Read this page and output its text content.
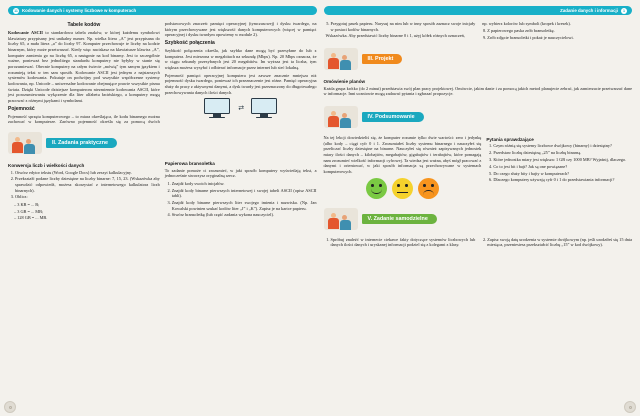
11 Kodowanie danych i systemy liczbowe w komputerach
Tabele kodów

Kodowanie ASCII to standardowa tabela znaków, w której każdemu symbolowi klawiatury przypisany jest unikalny numer. Np. wielka litera „A” jest przypisana do liczby 65, a mała litera „a” do liczby 97. Komputer przechowuje te liczby na kodzie binarnym, który może przetwarzać. Kiedy więc naciskasz na klawiaturze klawisz „A”, komputer zamienia go na liczbę 65, a następnie na kod binarny. Jest to szczególnie ważne, ponieważ bez jednolitego standardu komputery nie byłyby w stanie się porozumiewać. Obecnie komputery na całym świecie „mówią” tym samym językiem i rozumieją tekst w ten sam sposób. Kodowanie ASCII jest jednym z najstarszych systemów kodowania. Pokutuje on podwójny pod wszystkie współczesne systemy kodowania, np. Unicode – uniwersalne kodowanie obejmujące prawie wszystkie pisma świata. Dzięki Unicode dzisiejsze komputerom niezmiennie kodowania ASCII, które jest porozumiewaniu wyłączenie dla liter alfabetu łacińskiego, a komputery mogą pracować z różnymi językami i symbolami.

Pojemność

Pojemność sprzętu komputerowego – to miara określająca, ile kodu binarnego można zachować w komputerze. Zarówno pojemność określa się za pomocą dwóch podstawowych znaczeń: pamięci operacyjnej (tymczasowej) i dysku twardego, na którym przechowywane jest większość danych komputerowych (więcej w pamięci operacyjnej i dysku twardym opowiemy w module 2).

Szybkość połączenia

Szybkość połączenia określa, jak szybko dane mogą być przesyłane do lub z komputera. Jest mierzona w megabitach na sekundę (Mbps). Np. 20 Mbps oznacza, że w ciągu sekundy przesyłanych jest 20 megabitów. Im wyższa jest ta liczba, tym większa możesz wysyłać i odbierać informacje przez internet lub sieć lokalną.

Pojemność pamięci operacyjnej komputera jest zawsze znacznie mniejsza niż pojemność dysku twardego, ponieważ ich przeznaczenie jest różne. Pamięć operacyjna służy do pracy z aktywnymi danymi, a dysk twardy jest przeznaczony do długotrwałego przechowywania danych ilości danych.

⇄
II. Zadania praktyczne
Konwersja liczb i wielkości danych
1. Otwórz edytor tekstu (Word, Google Docs) lub zeszyt kalkulacyjny.
2. Przekształć podane liczby dziesiętne na liczby binarne: 7, 15, 23. (Wskazówka aby sprawdzić odpowiedź, możesz skorzystać z internetowego kalkulatora liczb binarnych).
3. Oblicz:
– 3 KB = ... B;
– 3 GB = ... MB;
– 128 GB = ... MB.
Papierowa bransoletka

To zadanie pomoże ci zrozumieć, w jaki sposób komputery wyświetlają tekst, a jednocześnie stworzysz oryginalną rzecz.

1. Znajdź kody swoich inicjałów.
2. Znajdź kody binarne pierwszych internetowej i swojej tabeli ASCII (opisz ASCII tabli).
3. Znajdź kody binarne pierwszych liter swojego imienia i nazwiska. (Np. Jan Kowalski powinien szukać kodów liter „J” i „K”). Zapisz je na kartce papieru.
4. Stwórz bransoletkę (lub część zadania wykona nauczyciel).
Zadanie danych i informacji	1
5. Przygotuj pasek papieru. Narysuj na nim lub w inny sposób zaznacz swoje inicjały w postaci kodów binarnych.
Wskazówka. Aby przedstawić liczby binarne 0 i 1, użyj kółek różnych oznaczeń,
np. wybierz kolorów lub symboli (kropek i kresek).
8. Z papierowego paska zrób bransoletkę.
9. Zrób zdjęcie bransoletki i pokaż je nauczycielowi.
III. Projekt
Omówienie planów

Każda grupa krótko (do 2 minut) przedstawia swój plan pracy projektowej. Omówcie, jakim danie i za pomocą jakich metod planujecie zebrać, jak zamierzacie przetwarzać dane w informacje. Inni uczniowie mogą zadawać pytania i zgłaszać propozycje.

IV. Podsumowanie

Na tej lekcji dowiedzieliś się, że komputer rozumie tylko dwie wartości: zero i jedynkę (albo kody – ciągi cyfr 0 i 1. Zrozumiałeś liczby systemu binarnego i nauczyłeś się przeliczać liczby dziesiętne na binarne. Nauczyłeś się również zapisywanych jednostek miary ilości danych – kilobajtów, megabajtów, gigabajtów i terabajtów, które pomagają nam zrozumieć wielkość informacji cyfrowej. Ta wiedza jest ważna, abyś mógł pracować z danymi i orientować, w jaki sposób informacja są przechowywane w systemach komputerowych.

Pytania sprawdzające
1. Czym różnią się systemy liczbowe dwójkowy (binarny) i dziesiętny?
2. Przedstaw liczbę dziesiętną „25” na liczbę binarną.
3. Które jednostka miary jest większa: 1 GB czy 1000 MB? Wyjaśnij, dlaczego.
4. Co to jest bit i bajt? Jak są one powiązane?
5. Do czego służy bity i bajty w komputerach?
6. Dlaczego komputery używają cyfr 0 i 1 do przedstawiania informacji?
V. Zadanie samodzielne
1. Spróbuj znaleźć w internecie ciekawe fakty dotyczące systemów liczbowych lub danych ilości danych i uryskanej informacji podziel się z kolegami z klasy.
2. Zapisz swoją datę urodzenia w systemie dwójkowym (np. jeśli urodziłeś się 15 dnia miesiąca, przeniesiesz przekształcić liczbę „15” w kod dwójkowy).
